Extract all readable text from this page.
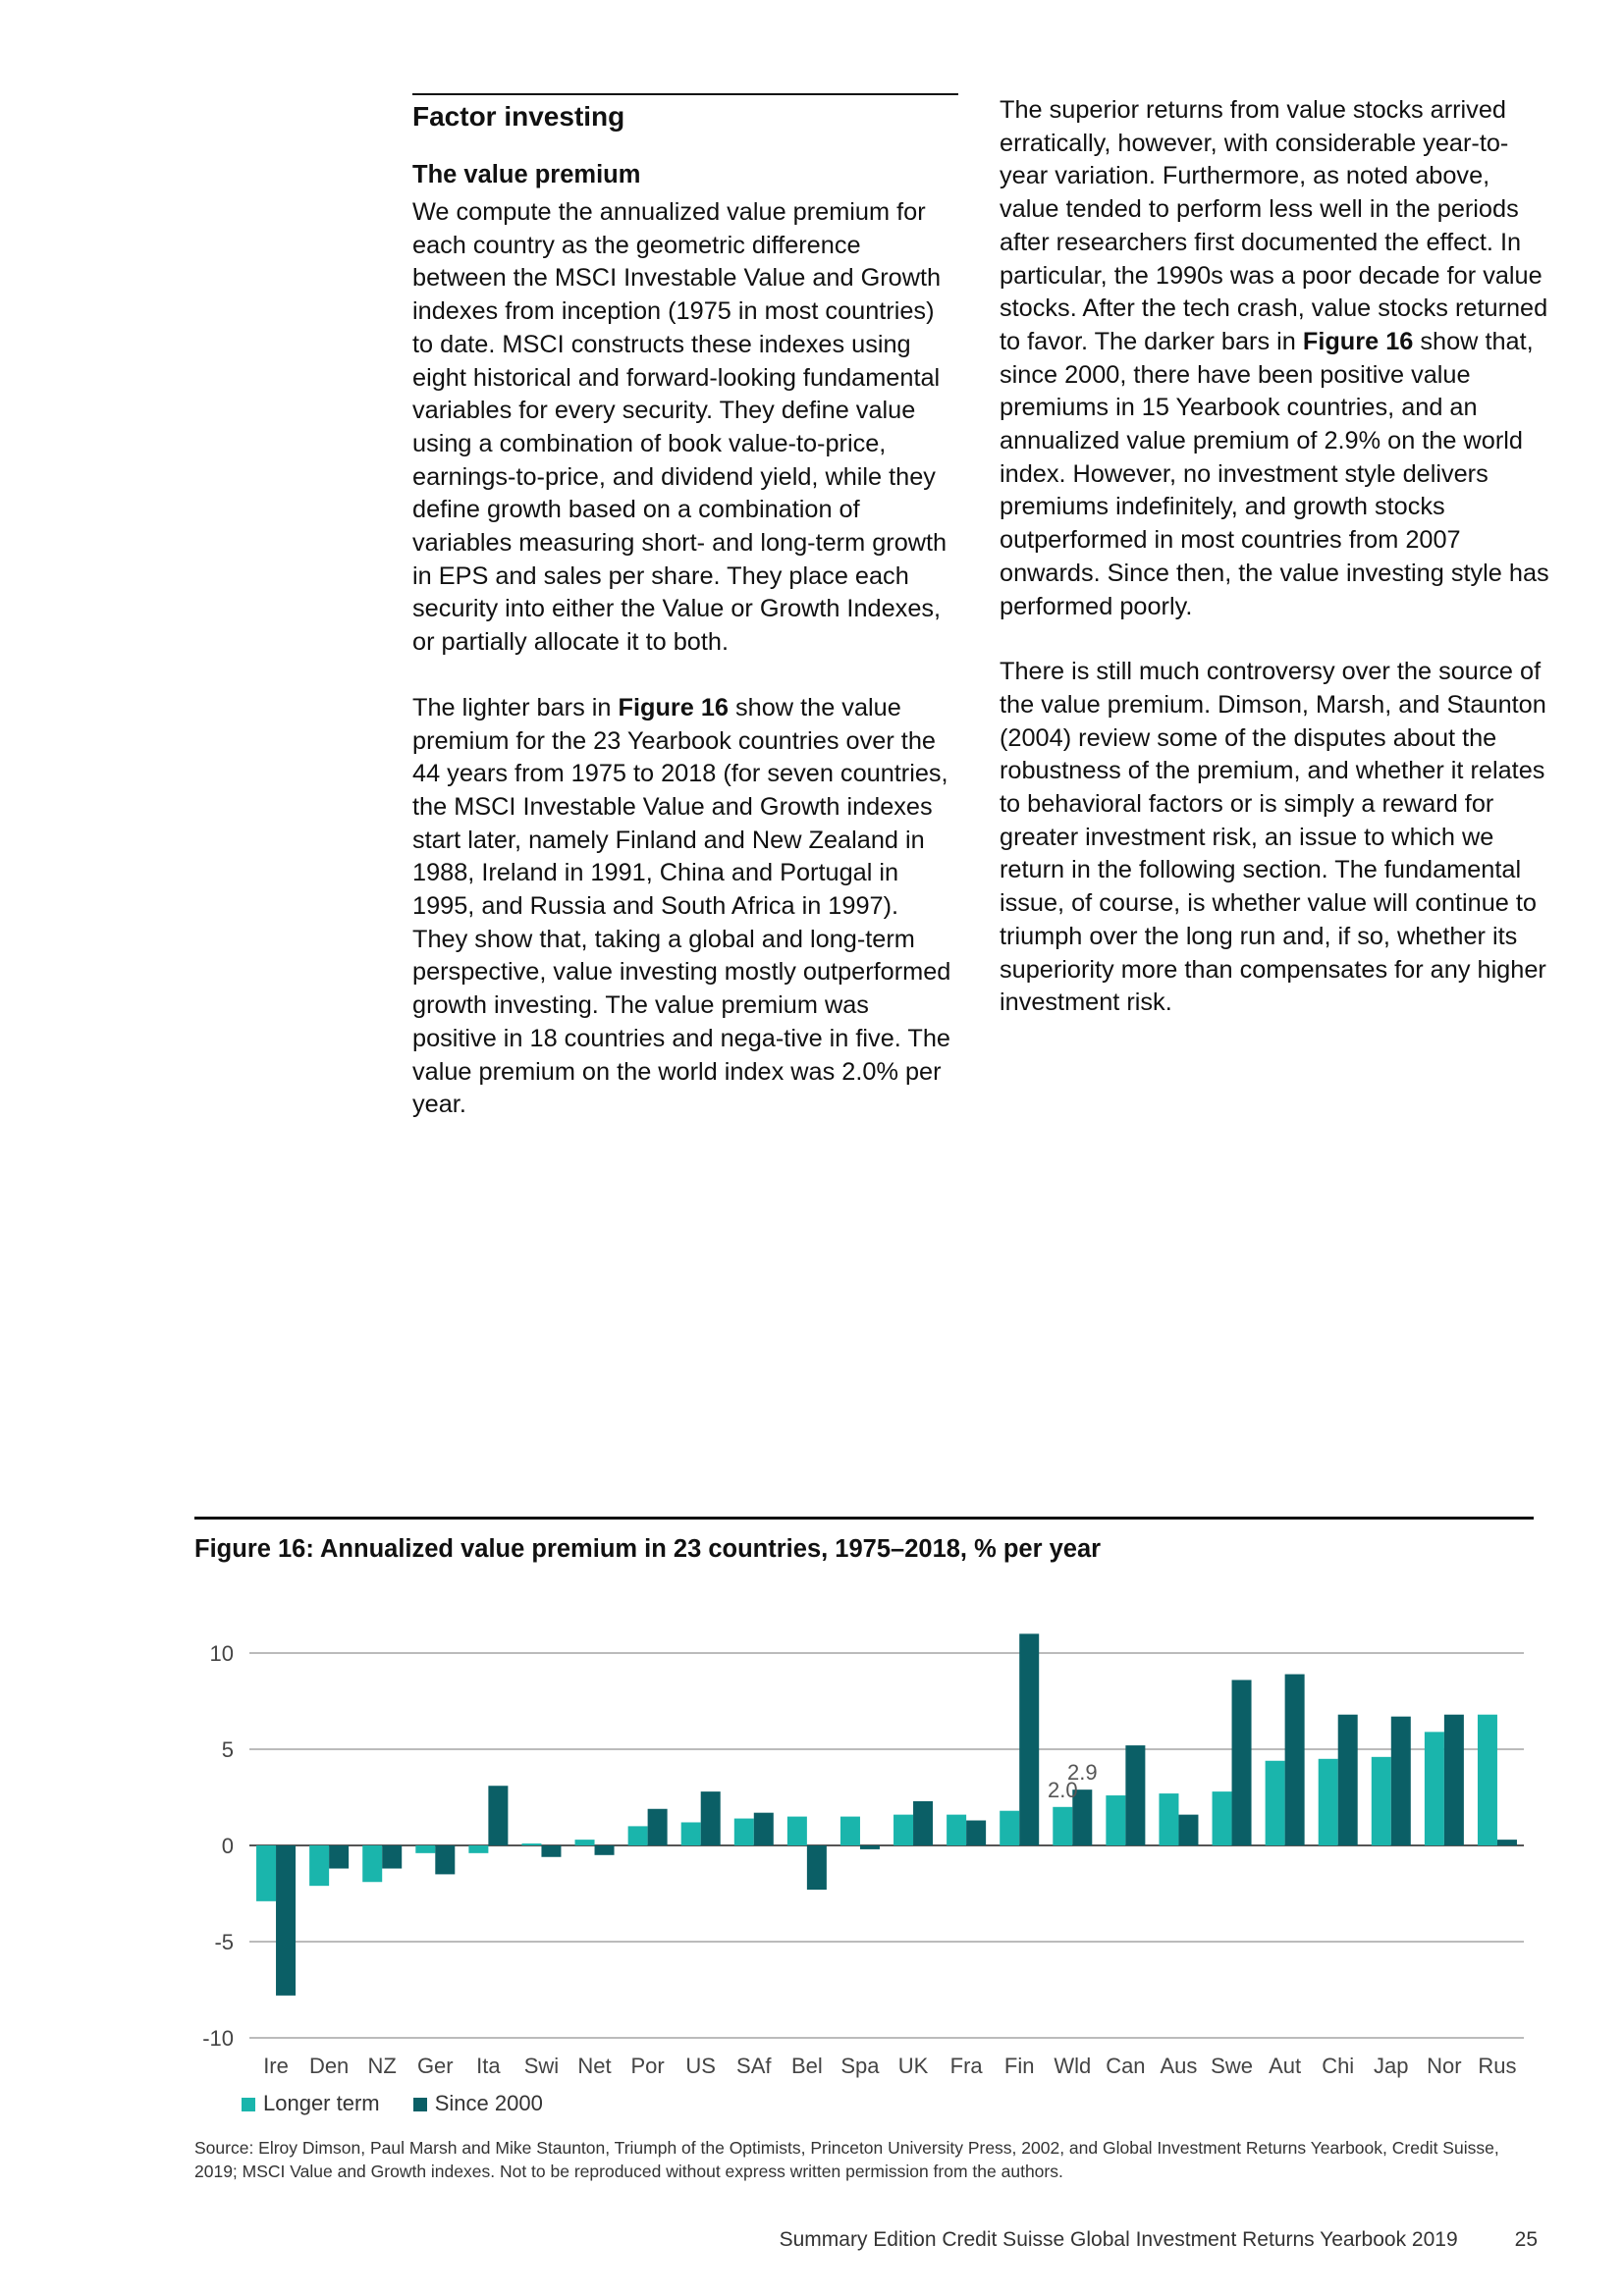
Factor investing
The value premium

We compute the annualized value premium for each country as the geometric difference between the MSCI Investable Value and Growth indexes from inception (1975 in most countries) to date. MSCI constructs these indexes using eight historical and forward-looking fundamental variables for every security. They define value using a combination of book value-to-price, earnings-to-price, and dividend yield, while they define growth based on a combination of variables measuring short- and long-term growth in EPS and sales per share. They place each security into either the Value or Growth Indexes, or partially allocate it to both.

The lighter bars in Figure 16 show the value premium for the 23 Yearbook countries over the 44 years from 1975 to 2018 (for seven countries, the MSCI Investable Value and Growth indexes start later, namely Finland and New Zealand in 1988, Ireland in 1991, China and Portugal in 1995, and Russia and South Africa in 1997). They show that, taking a global and long-term perspective, value investing mostly outperformed growth investing. The value premium was positive in 18 countries and nega-tive in five. The value premium on the world index was 2.0% per year.

The superior returns from value stocks arrived erratically, however, with considerable year-to-year variation. Furthermore, as noted above, value tended to perform less well in the periods after researchers first documented the effect. In particular, the 1990s was a poor decade for value stocks. After the tech crash, value stocks returned to favor. The darker bars in Figure 16 show that, since 2000, there have been positive value premiums in 15 Yearbook countries, and an annualized value premium of 2.9% on the world index. However, no investment style delivers premiums indefinitely, and growth stocks outperformed in most countries from 2007 onwards. Since then, the value investing style has performed poorly.

There is still much controversy over the source of the value premium. Dimson, Marsh, and Staunton (2004) review some of the disputes about the robustness of the premium, and whether it relates to behavioral factors or is simply a reward for greater investment risk, an issue to which we return in the following section. The fundamental issue, of course, is whether value will continue to triumph over the long run and, if so, whether its superiority more than compensates for any higher investment risk.

Figure 16: Annualized value premium in 23 countries, 1975–2018, % per year
10
5
0
-5
-10
Ire Den NZ Ger Ita Swi Net Por US SAf Bel Spa UK Fra Fin Wld Can Aus Swe Aut Chi Jap Nor Rus
2.0
2.9
Longer term	Since 2000
Source: Elroy Dimson, Paul Marsh and Mike Staunton, Triumph of the Optimists, Princeton University Press, 2002, and Global Investment Returns Yearbook, Credit Suisse, 2019; MSCI Value and Growth indexes. Not to be reproduced without express written permission from the authors.
Summary Edition Credit Suisse Global Investment Returns Yearbook 2019	25
